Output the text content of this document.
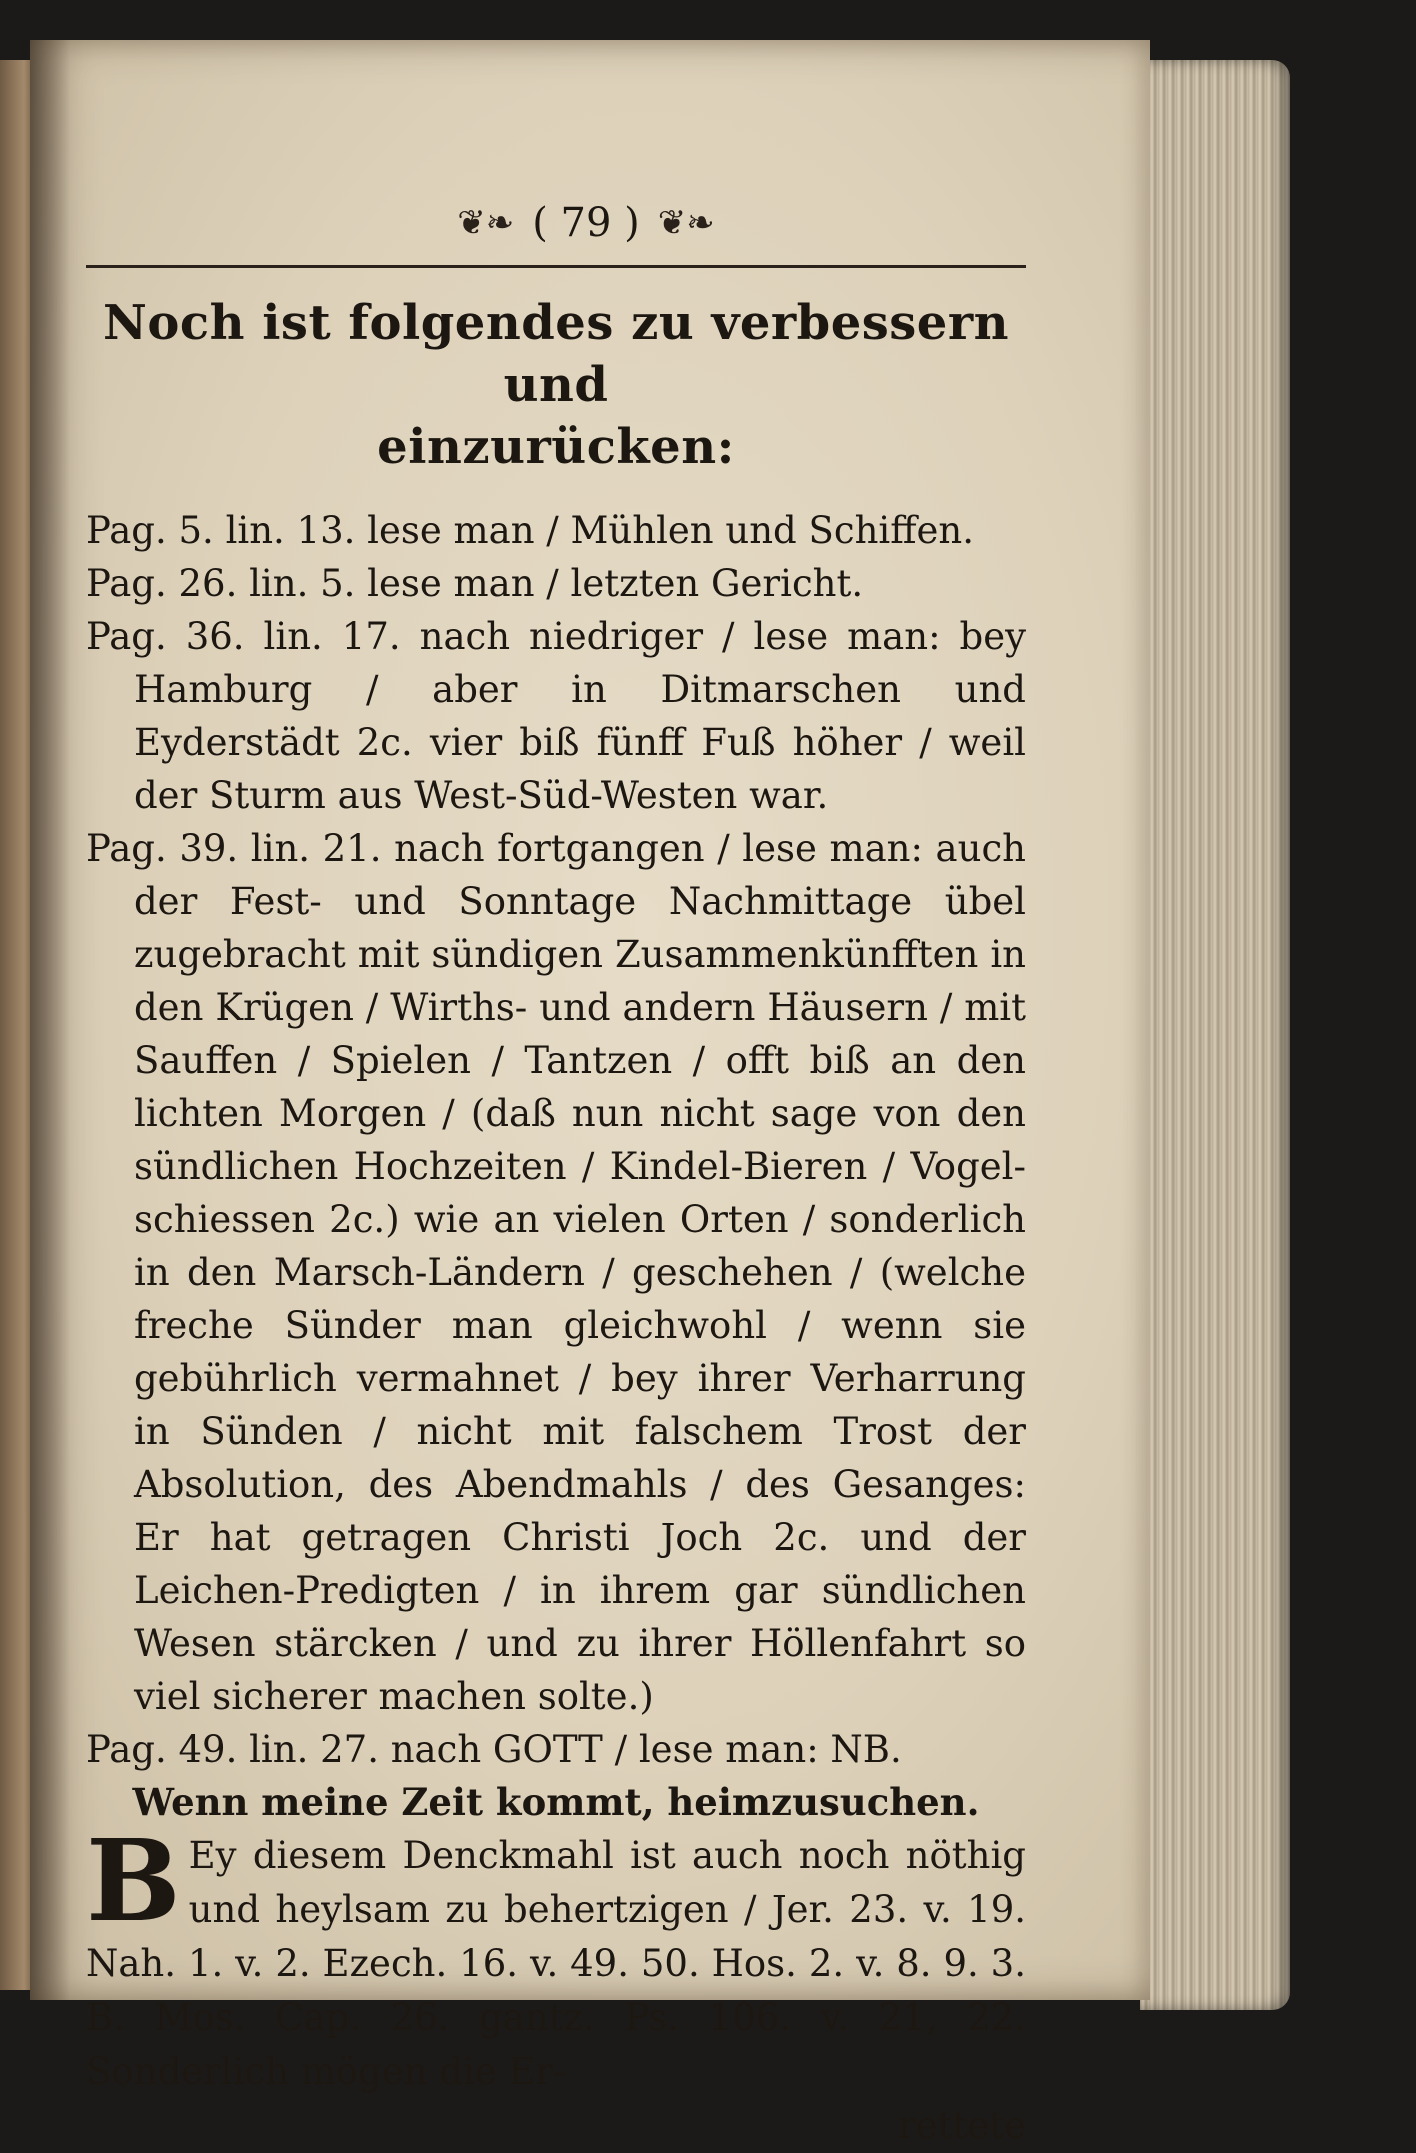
❦❧ ( 79 ) ❦❧
Noch ist folgendes zu verbessern und
einzurücken:
Pag. 5. lin. 13. lese man / Mühlen und Schiffen.
Pag. 26. lin. 5. lese man / letzten Gericht.
Pag. 36. lin. 17. nach niedriger / lese man: bey Hamburg / aber in Ditmarschen und Eyderstädt 2c. vier biß fünff Fuß höher / weil der Sturm aus West-Süd-Westen war.
Pag. 39. lin. 21. nach fortgangen / lese man: auch der Fest- und Sonntage Nachmittage übel zugebracht mit sündigen Zusammenkünfften in den Krügen / Wirths- und andern Häusern / mit Sauffen / Spielen / Tantzen / offt biß an den lichten Morgen / (daß nun nicht sage von den sündlichen Hochzeiten / Kindel-Bieren / Vogel-schiessen 2c.) wie an vielen Orten / sonderlich in den Marsch-Ländern / geschehen / (welche freche Sünder man gleichwohl / wenn sie gebührlich vermahnet / bey ihrer Verharrung in Sünden / nicht mit falschem Trost der Absolution, des Abendmahls / des Gesanges: Er hat getragen Christi Joch 2c. und der Leichen-Predigten / in ihrem gar sündlichen Wesen stärcken / und zu ihrer Höllenfahrt so viel sicherer machen solte.)
Pag. 49. lin. 27. nach GOTT / lese man: NB.
Wenn meine Zeit kommt, heimzusuchen.
B Ey diesem Denckmahl ist auch noch nöthig und heylsam zu behertzigen / Jer. 23. v. 19. Nah. 1. v. 2. Ezech. 16. v. 49. 50. Hos. 2. v. 8. 9. 3. B. Mos. Cap. 26. gantz. Ps. 106. v. 21, 22. Sonderlich mögen die Er-
rettete
